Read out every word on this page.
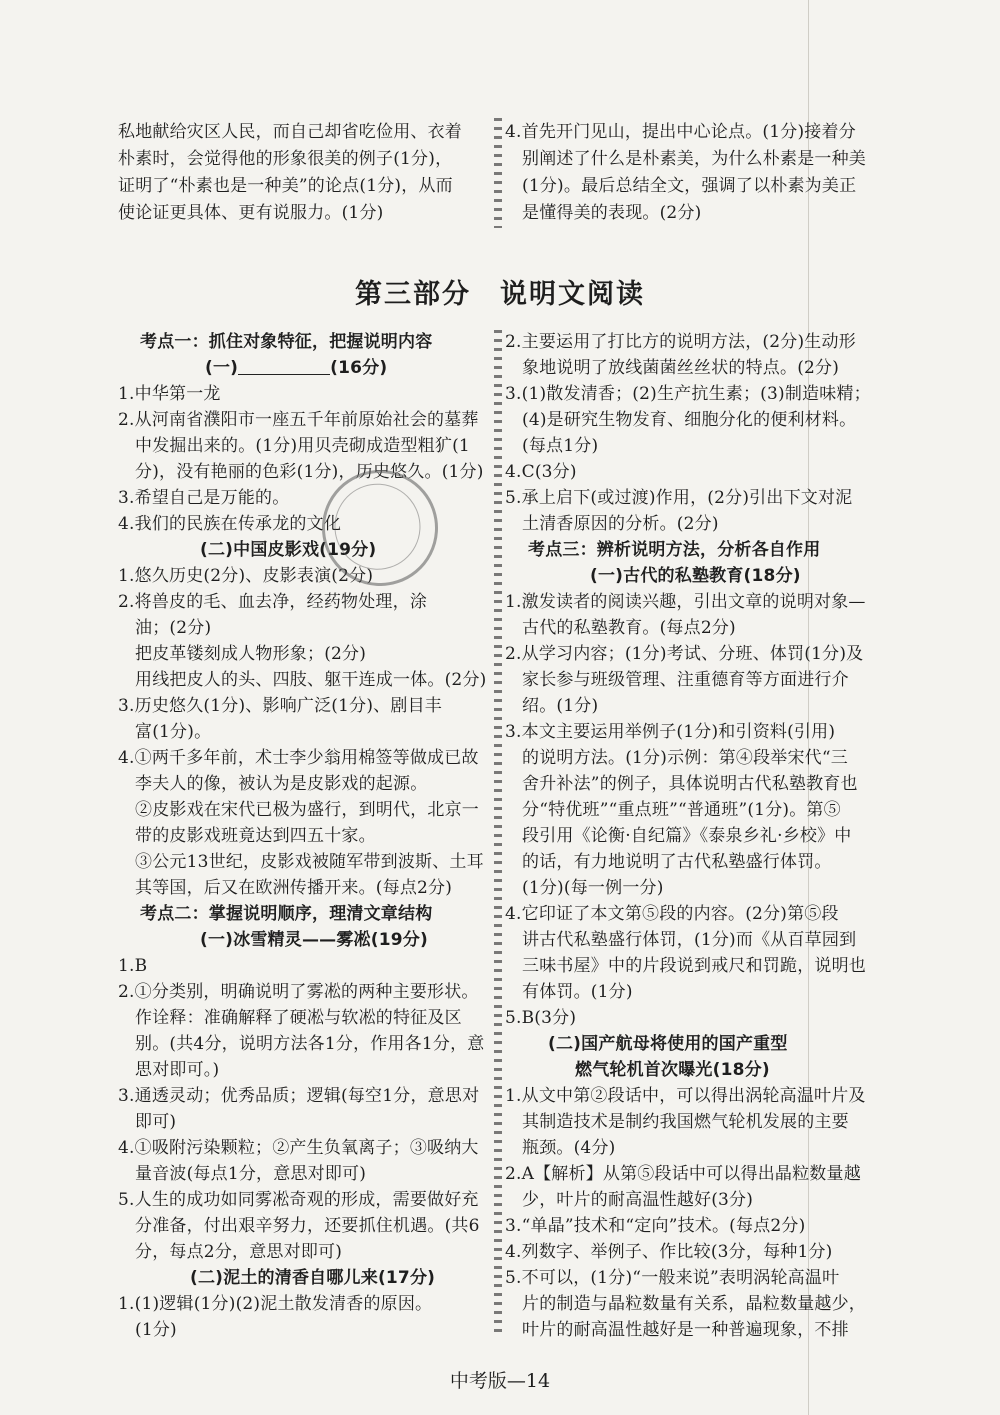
私地献给灾区人民，而自己却省吃俭用、衣着
朴素时，会觉得他的形象很美的例子(1分)，
证明了“朴素也是一种美”的论点(1分)，从而
使论证更具体、更有说服力。(1分)
4.首先开门见山，提出中心论点。(1分)接着分
别阐述了什么是朴素美，为什么朴素是一种美
(1分)。最后总结全文，强调了以朴素为美正
是懂得美的表现。(2分)
第三部分　说明文阅读
考点一：抓住对象特征，把握说明内容
(一)	(16分)
1.中华第一龙
2.从河南省濮阳市一座五千年前原始社会的墓葬
中发掘出来的。(1分)用贝壳砌成造型粗犷(1
分)，没有艳丽的色彩(1分)，历史悠久。(1分)
3.希望自己是万能的。
4.我们的民族在传承龙的文化
(二)中国皮影戏(19分)
1.悠久历史(2分)、皮影表演(2分)
2.将兽皮的毛、血去净，经药物处理，涂
油；(2分)
把皮革镂刻成人物形象；(2分)
用线把皮人的头、四肢、躯干连成一体。(2分)
3.历史悠久(1分)、影响广泛(1分)、剧目丰
富(1分)。
4.①两千多年前，术士李少翁用棉签等做成已故
李夫人的像，被认为是皮影戏的起源。
②皮影戏在宋代已极为盛行，到明代，北京一
带的皮影戏班竟达到四五十家。
③公元13世纪，皮影戏被随军带到波斯、土耳
其等国，后又在欧洲传播开来。(每点2分)
考点二：掌握说明顺序，理清文章结构
(一)冰雪精灵——雾凇(19分)
1.B
2.①分类别，明确说明了雾凇的两种主要形状。
作诠释：准确解释了硬凇与软凇的特征及区
别。(共4分，说明方法各1分，作用各1分，意
思对即可。)
3.通透灵动；优秀品质；逻辑(每空1分，意思对
即可)
4.①吸附污染颗粒；②产生负氧离子；③吸纳大
量音波(每点1分，意思对即可)
5.人生的成功如同雾凇奇观的形成，需要做好充
分准备，付出艰辛努力，还要抓住机遇。(共6
分，每点2分，意思对即可)
(二)泥土的清香自哪儿来(17分)
1.(1)逻辑(1分)(2)泥土散发清香的原因。
(1分)
2.主要运用了打比方的说明方法，(2分)生动形
象地说明了放线菌菌丝丝状的特点。(2分)
3.(1)散发清香；(2)生产抗生素；(3)制造味精；
(4)是研究生物发育、细胞分化的便利材料。
(每点1分)
4.C(3分)
5.承上启下(或过渡)作用，(2分)引出下文对泥
土清香原因的分析。(2分)
考点三：辨析说明方法，分析各自作用
(一)古代的私塾教育(18分)
1.激发读者的阅读兴趣，引出文章的说明对象—
古代的私塾教育。(每点2分)
2.从学习内容；(1分)考试、分班、体罚(1分)及
家长参与班级管理、注重德育等方面进行介
绍。(1分)
3.本文主要运用举例子(1分)和引资料(引用)
的说明方法。(1分)示例：第④段举宋代“三
舍升补法”的例子，具体说明古代私塾教育也
分“特优班”“重点班”“普通班”(1分)。第⑤
段引用《论衡·自纪篇》《泰泉乡礼·乡校》中
的话，有力地说明了古代私塾盛行体罚。
(1分)(每一例一分)
4.它印证了本文第⑤段的内容。(2分)第⑤段
讲古代私塾盛行体罚，(1分)而《从百草园到
三味书屋》中的片段说到戒尺和罚跪，说明也
有体罚。(1分)
5.B(3分)
(二)国产航母将使用的国产重型
燃气轮机首次曝光(18分)
1.从文中第②段话中，可以得出涡轮高温叶片及
其制造技术是制约我国燃气轮机发展的主要
瓶颈。(4分)
2.A【解析】从第⑤段话中可以得出晶粒数量越
少，叶片的耐高温性越好(3分)
3.“单晶”技术和“定向”技术。(每点2分)
4.列数字、举例子、作比较(3分，每种1分)
5.不可以，(1分)“一般来说”表明涡轮高温叶
片的制造与晶粒数量有关系，晶粒数量越少，
叶片的耐高温性越好是一种普遍现象，不排
中考版—14
